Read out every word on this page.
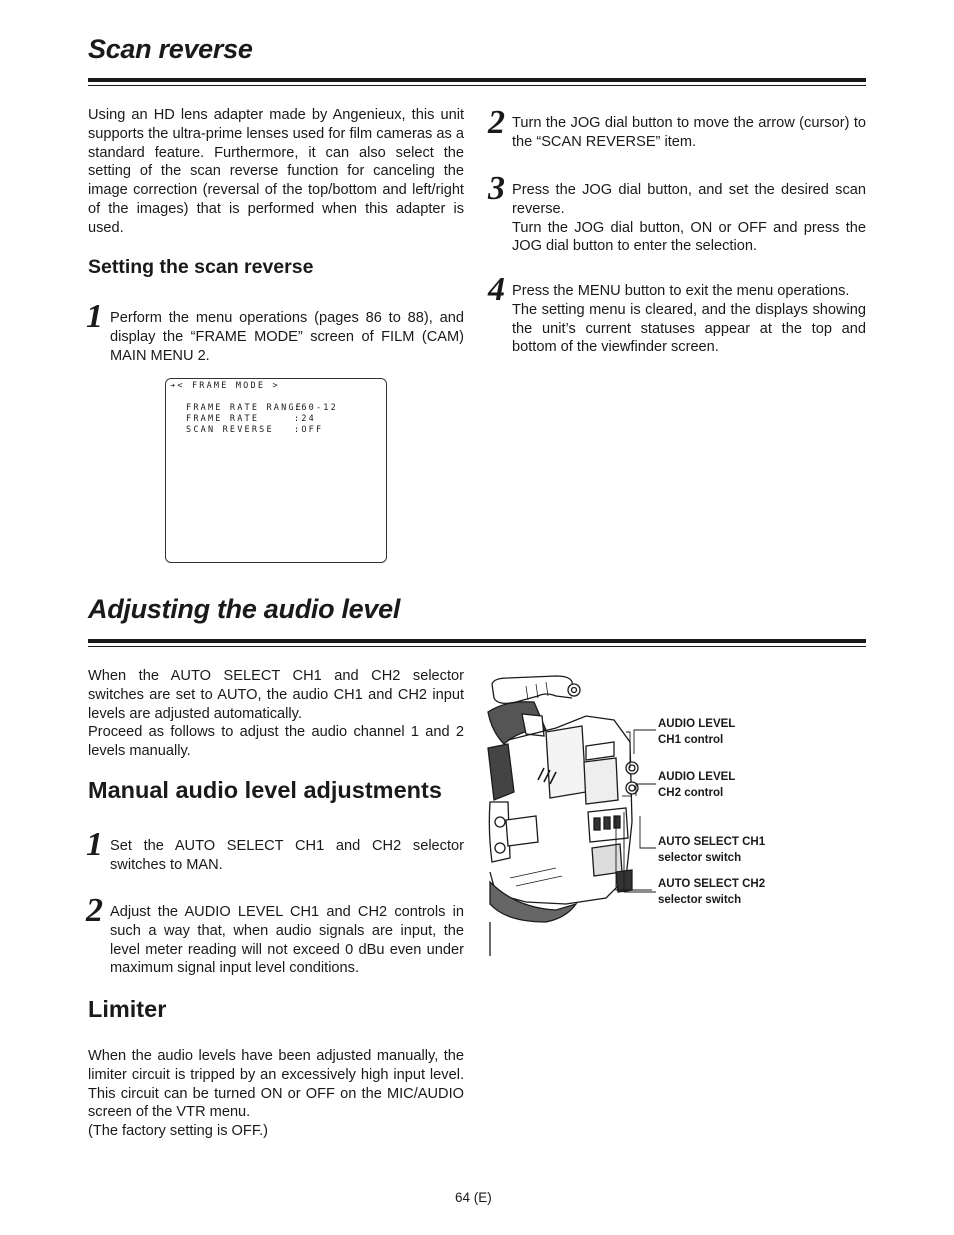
Scan reverse

Using an HD lens adapter made by Angenieux, this unit supports the ultra-prime lenses used for film cameras as a standard feature. Furthermore, it can also select the setting of the scan reverse function for canceling the image correction (reversal of the top/bottom and left/right of the images) that is performed when this adapter is used.

Setting the scan reverse
1 Perform the menu operations (pages 86 to 88), and display the “FRAME MODE” screen of FILM (CAM) MAIN MENU 2.

➔< FRAME MODE >
FRAME RATE RANGE
:60-12
FRAME RATE	:24
SCAN REVERSE	:OFF
2 Turn the JOG dial button to move the arrow (cursor) to the “SCAN REVERSE” item.

3 Press the JOG dial button, and set the desired scan reverse.

Turn the JOG dial button, ON or OFF and press the JOG dial button to enter the selection.

4 Press the MENU button to exit the menu operations.

The setting menu is cleared, and the displays showing the unit’s current statuses appear at the top and bottom of the viewfinder screen.

Adjusting the audio level

When the AUTO SELECT CH1 and CH2 selector switches are set to AUTO, the audio CH1 and CH2 input levels are adjusted automatically.

Proceed as follows to adjust the audio channel 1 and 2 levels manually.

Manual audio level adjustments
1 Set the AUTO SELECT CH1 and CH2 selector switches to MAN.

2 Adjust the AUDIO LEVEL CH1 and CH2 controls in such a way that, when audio signals are input, the level meter reading will not exceed 0 dBu even under maximum signal input level conditions.

Limiter

When the audio levels have been adjusted manually, the limiter circuit is tripped by an excessively high input level. This circuit can be turned ON or OFF on the MIC/AUDIO screen of the VTR menu.

(The factory setting is OFF.)

AUDIO LEVEL
CH1 control
AUDIO LEVEL
CH2 control
AUTO SELECT CH1
selector switch
AUTO SELECT CH2
selector switch
64 (E)
